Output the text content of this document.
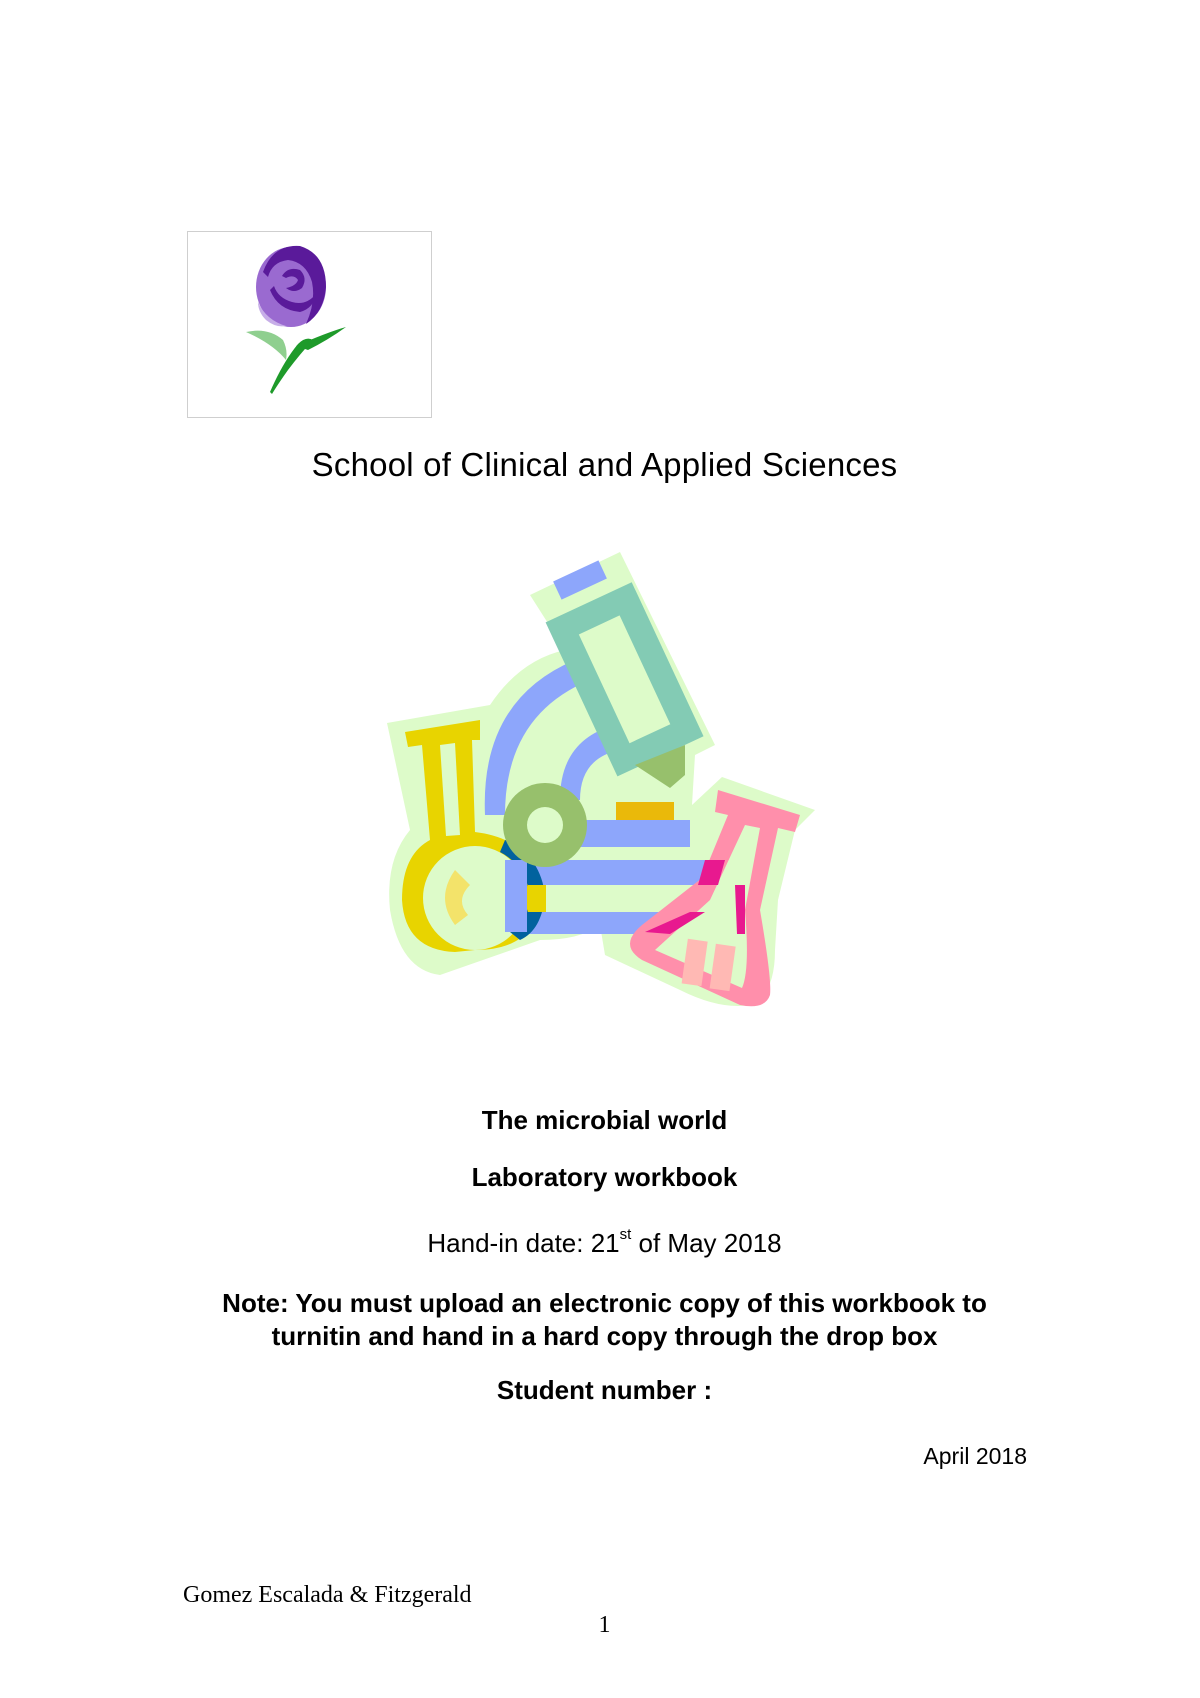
School of Clinical and Applied Sciences
The microbial world
Laboratory workbook
Hand-in date: 21st of May 2018
Note: You must upload an electronic copy of this workbook to
turnitin and hand in a hard copy through the drop box
Student number :
April 2018
Gomez Escalada & Fitzgerald
1
